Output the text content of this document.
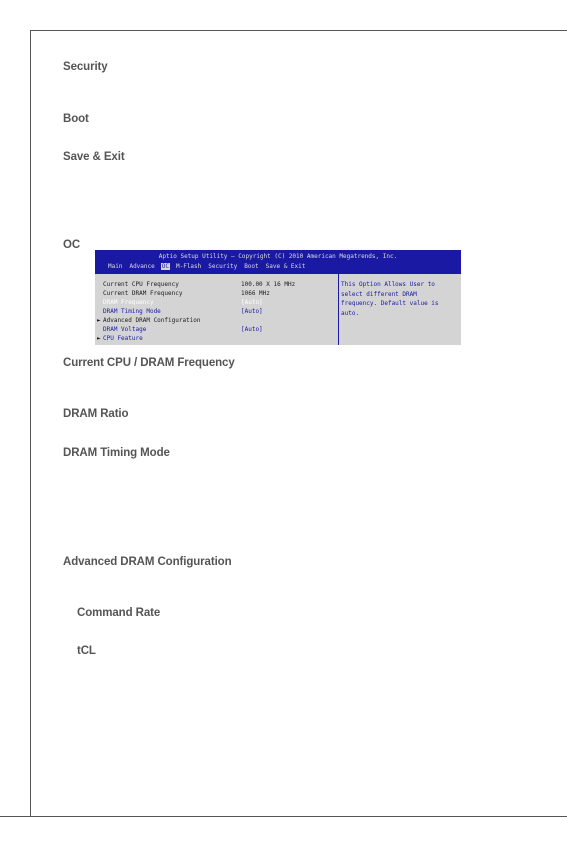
Security
Boot
Save & Exit
OC
Aptio Setup Utility – Copyright (C) 2010 American Megatrends, Inc.
Main Advance OC M-Flash Security Boot Save & Exit
Current CPU Frequency	100.00 X 16 MHz
Current DRAM Frequency	1066 MHz
DRAM Frequency	[Auto]
DRAM Timing Mode	[Auto]
► Advanced DRAM Configuration
DRAM Voltage	[Auto]
► CPU Feature
This Option Allows User to
select different DRAM
frequency. Default value is
auto.
Current CPU / DRAM Frequency
DRAM Ratio
DRAM Timing Mode
Advanced DRAM Configuration
Command Rate
tCL
